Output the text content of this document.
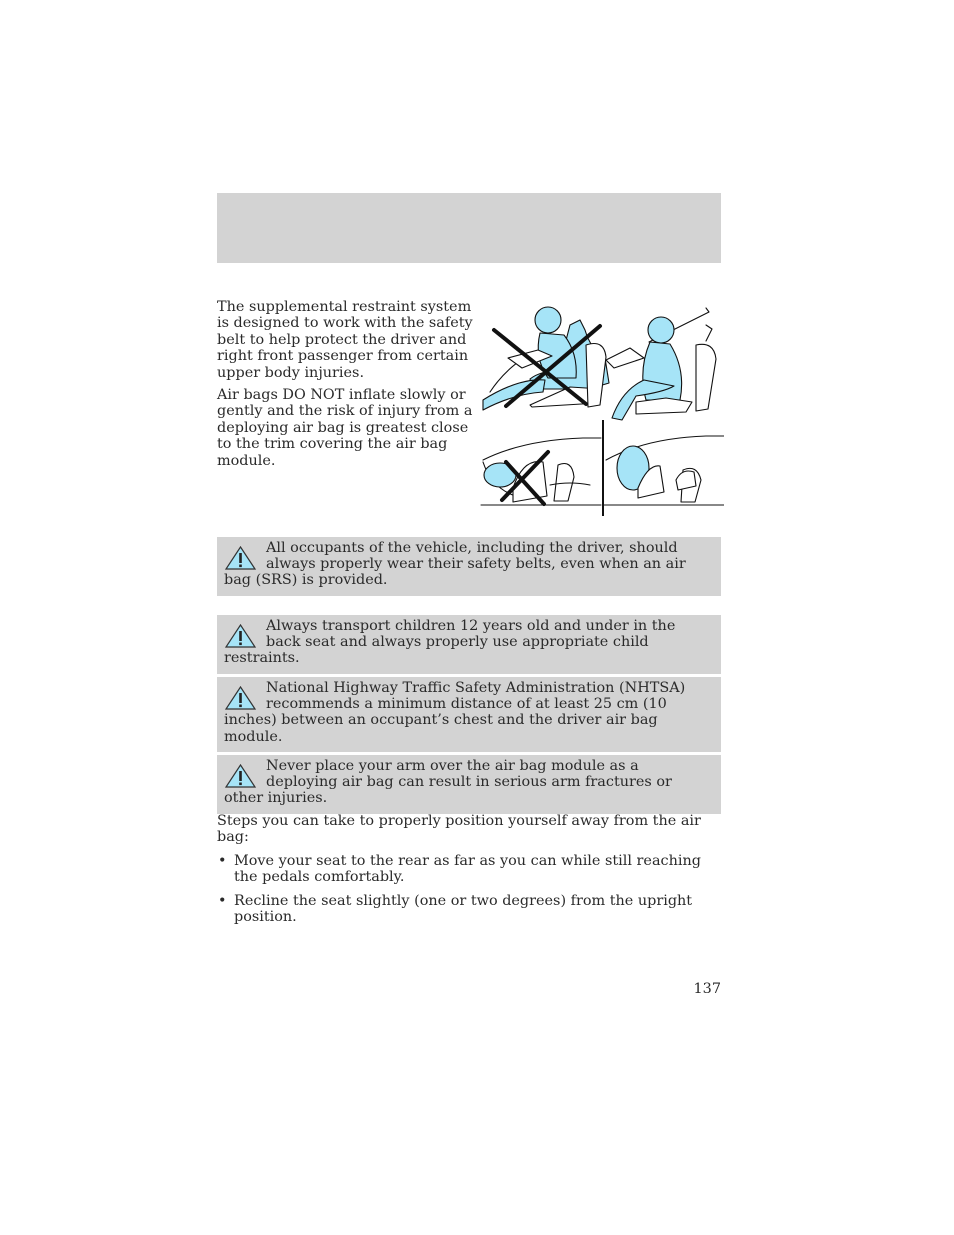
The supplemental restraint system is designed to work with the safety belt to help protect the driver and right front passenger from certain upper body injuries.

Air bags DO NOT inflate slowly or gently and the risk of injury from a deploying air bag is greatest close to the trim covering the air bag module.

All occupants of the vehicle, including the driver, should always properly wear their safety belts, even when an air bag (SRS) is provided.
Always transport children 12 years old and under in the back seat and always properly use appropriate child restraints.
National Highway Traffic Safety Administration (NHTSA) recommends a minimum distance of at least 25 cm (10 inches) between an occupant’s chest and the driver air bag module.
Never place your arm over the air bag module as a deploying air bag can result in serious arm fractures or other injuries.

Steps you can take to properly position yourself away from the air bag:

• Move your seat to the rear as far as you can while still reaching the pedals comfortably.
• Recline the seat slightly (one or two degrees) from the upright position.
137
